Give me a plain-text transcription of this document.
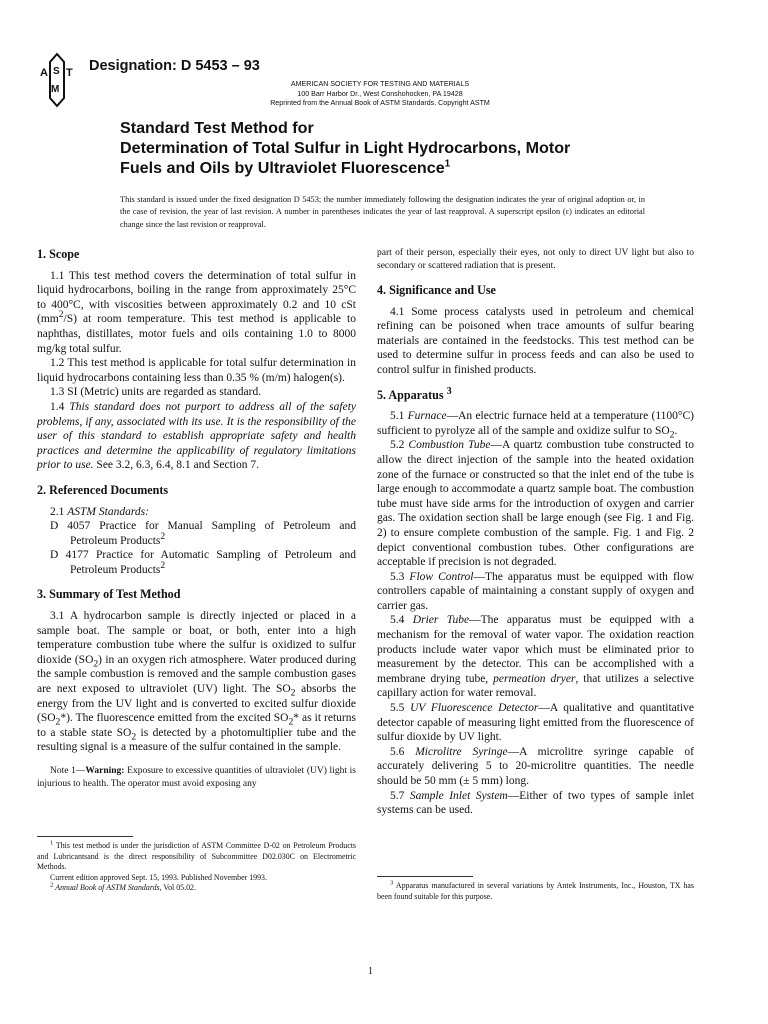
A T
S
M
Designation: D 5453 – 93
AMERICAN SOCIETY FOR TESTING AND MATERIALS
100 Barr Harbor Dr., West Conshohocken, PA 19428
Reprinted from the Annual Book of ASTM Standards. Copyright ASTM
Standard Test Method for
Determination of Total Sulfur in Light Hydrocarbons, Motor
Fuels and Oils by Ultraviolet Fluorescence$^1$
This standard is issued under the fixed designation D 5453; the number immediately following the designation indicates the year of original adoption or, in the case of revision, the year of last revision. A number in parentheses indicates the year of last reapproval. A superscript epsilon (ε) indicates an editorial change since the last revision or reapproval.
1. Scope

1.1 This test method covers the determination of total sulfur in liquid hydrocarbons, boiling in the range from approximately 25°C to 400°C, with viscosities between approximately 0.2 and 10 cSt $(mm^2/S)$ at room temperature. This test method is applicable to naphthas, distillates, motor fuels and oils containing 1.0 to 8000 mg/kg total sulfur.

1.2 This test method is applicable for total sulfur determination in liquid hydrocarbons containing less than 0.35 % (m/m) halogen(s).

1.3 SI (Metric) units are regarded as standard.

1.4 This standard does not purport to address all of the safety problems, if any, associated with its use. It is the responsibility of the user of this standard to establish appropriate safety and health practices and determine the applicability of regulatory limitations prior to use. See 3.2, 6.3, 6.4, 8.1 and Section 7.

2. Referenced Documents

2.1 ASTM Standards:

D 4057 Practice for Manual Sampling of Petroleum and Petroleum Products$^2$

D 4177 Practice for Automatic Sampling of Petroleum and Petroleum Products$^2$

3. Summary of Test Method

3.1 A hydrocarbon sample is directly injected or placed in a sample boat. The sample or boat, or both, enter into a high temperature combustion tube where the sulfur is oxidized to sulfur dioxide $(SO_2)$ in an oxygen rich atmosphere. Water produced during the sample combustion is removed and the sample combustion gases are next exposed to ultraviolet (UV) light. The $SO_2$ absorbs the energy from the UV light and is converted to excited sulfur dioxide $(SO_2*)$. The fluorescence emitted from the excited $SO_2*$ as it returns to a stable state $SO_2$ is detected by a photomultiplier tube and the resulting signal is a measure of the sulfur contained in the sample.

Note 1—Warning: Exposure to excessive quantities of ultraviolet (UV) light is injurious to health. The operator must avoid exposing any

$^1$ This test method is under the jurisdiction of ASTM Committee D-02 on Petroleum Products and Lubricantsand is the direct responsibility of Subcommittee D02.030C on Electrometric Methods.

Current edition approved Sept. 15, 1993. Published November 1993.

$^2$ Annual Book of ASTM Standards, Vol 05.02.

part of their person, especially their eyes, not only to direct UV light but also to secondary or scattered radiation that is present.

4. Significance and Use

4.1 Some process catalysts used in petroleum and chemical refining can be poisoned when trace amounts of sulfur bearing materials are contained in the feedstocks. This test method can be used to determine sulfur in process feeds and can also be used to control sulfur in finished products.

5. Apparatus $^3$

5.1 Furnace—An electric furnace held at a temperature (1100°C) sufficient to pyrolyze all of the sample and oxidize sulfur to $SO_2$.

5.2 Combustion Tube—A quartz combustion tube constructed to allow the direct injection of the sample into the heated oxidation zone of the furnace or constructed so that the inlet end of the tube is large enough to accommodate a quartz sample boat. The combustion tube must have side arms for the introduction of oxygen and carrier gas. The oxidation section shall be large enough (see Fig. 1 and Fig. 2) to ensure complete combustion of the sample. Fig. 1 and Fig. 2 depict conventional combustion tubes. Other configurations are acceptable if precision is not degraded.

5.3 Flow Control—The apparatus must be equipped with flow controllers capable of maintaining a constant supply of oxygen and carrier gas.

5.4 Drier Tube—The apparatus must be equipped with a mechanism for the removal of water vapor. The oxidation reaction products include water vapor which must be eliminated prior to measurement by the detector. This can be accomplished with a membrane drying tube, permeation dryer, that utilizes a selective capillary action for water removal.

5.5 UV Fluorescence Detector—A qualitative and quantitative detector capable of measuring light emitted from the fluorescence of sulfur dioxide by UV light.

5.6 Microlitre Syringe—A microlitre syringe capable of accurately delivering 5 to 20-microlitre quantities. The needle should be 50 mm (± 5 mm) long.

5.7 Sample Inlet System—Either of two types of sample inlet systems can be used.

$^3$ Apparatus manufactured in several variations by Antek Instruments, Inc., Houston, TX has been found suitable for this purpose.

1
